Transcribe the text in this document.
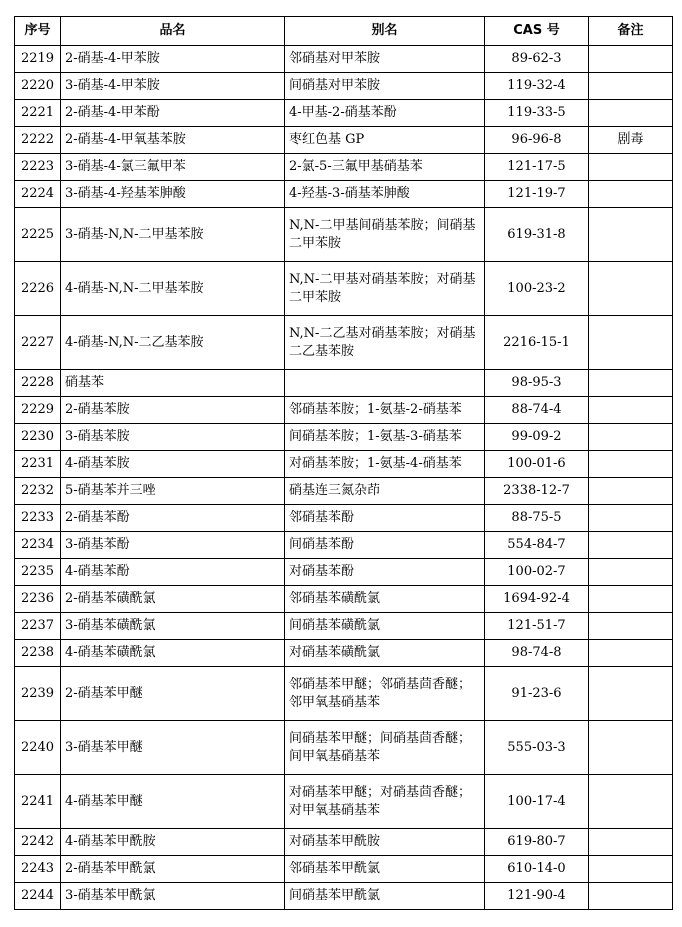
序号	品名	别名	CAS 号	备注
2219	2-硝基-4-甲苯胺	邻硝基对甲苯胺	89-62-3	
2220	3-硝基-4-甲苯胺	间硝基对甲苯胺	119-32-4	
2221	2-硝基-4-甲苯酚	4-甲基-2-硝基苯酚	119-33-5	
2222	2-硝基-4-甲氧基苯胺	枣红色基 GP	96-96-8	剧毒
2223	3-硝基-4-氯三氟甲苯	2-氯-5-三氟甲基硝基苯	121-17-5	
2224	3-硝基-4-羟基苯胂酸	4-羟基-3-硝基苯胂酸	121-19-7	
2225	3-硝基-N,N-二甲基苯胺	N,N-二甲基间硝基苯胺；间硝基二甲苯胺	619-31-8	
2226	4-硝基-N,N-二甲基苯胺	N,N-二甲基对硝基苯胺；对硝基二甲苯胺	100-23-2	
2227	4-硝基-N,N-二乙基苯胺	N,N-二乙基对硝基苯胺；对硝基二乙基苯胺	2216-15-1	
2228	硝基苯		98-95-3	
2229	2-硝基苯胺	邻硝基苯胺；1-氨基-2-硝基苯	88-74-4	
2230	3-硝基苯胺	间硝基苯胺；1-氨基-3-硝基苯	99-09-2	
2231	4-硝基苯胺	对硝基苯胺；1-氨基-4-硝基苯	100-01-6	
2232	5-硝基苯并三唑	硝基连三氮杂茚	2338-12-7	
2233	2-硝基苯酚	邻硝基苯酚	88-75-5	
2234	3-硝基苯酚	间硝基苯酚	554-84-7	
2235	4-硝基苯酚	对硝基苯酚	100-02-7	
2236	2-硝基苯磺酰氯	邻硝基苯磺酰氯	1694-92-4	
2237	3-硝基苯磺酰氯	间硝基苯磺酰氯	121-51-7	
2238	4-硝基苯磺酰氯	对硝基苯磺酰氯	98-74-8	
2239	2-硝基苯甲醚	邻硝基苯甲醚；邻硝基茴香醚；邻甲氧基硝基苯	91-23-6	
2240	3-硝基苯甲醚	间硝基苯甲醚；间硝基茴香醚；间甲氧基硝基苯	555-03-3	
2241	4-硝基苯甲醚	对硝基苯甲醚；对硝基茴香醚；对甲氧基硝基苯	100-17-4	
2242	4-硝基苯甲酰胺	对硝基苯甲酰胺	619-80-7	
2243	2-硝基苯甲酰氯	邻硝基苯甲酰氯	610-14-0	
2244	3-硝基苯甲酰氯	间硝基苯甲酰氯	121-90-4	
